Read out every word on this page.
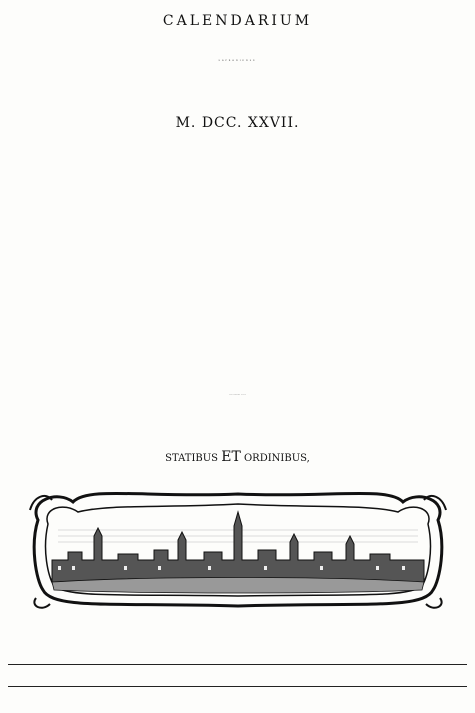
CALENDARIUM
SOPRONIENSE
M. DCC. XXVII.
REGNI APOSTOLICO - MARIANI
STATIBUS ET ORDINIBUS,
